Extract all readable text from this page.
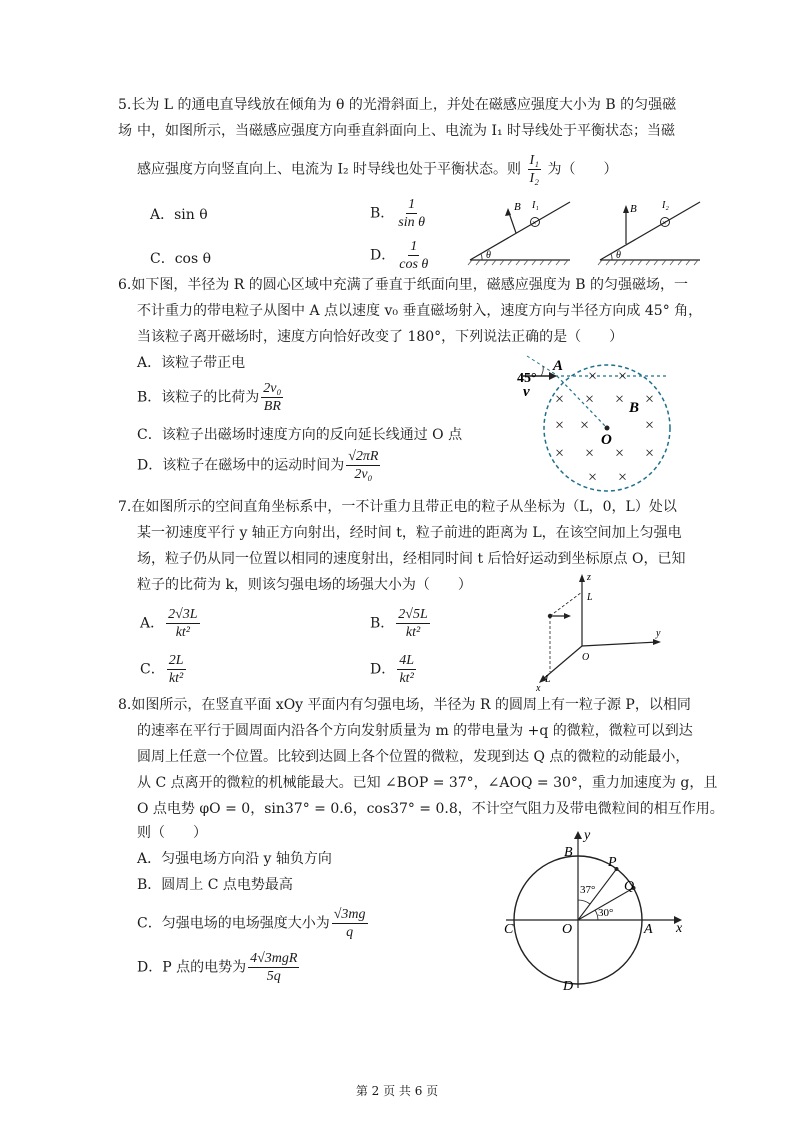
5.长为 L 的通电直导线放在倾角为 θ 的光滑斜面上，并处在磁感应强度大小为 B 的匀强磁场 中，如图所示，当磁感应强度方向垂直斜面向上、电流为 I₁ 时导线处于平衡状态；当磁
感应强度方向竖直向上、电流为 I₂ 时导线也处于平衡状态。则 $\frac{\text{I₁}}{\text{I₂}}$ 为（　　）
A．sin θ	B． $\frac{1}{\text{sin θ}}$
C．cos θ	D． $\frac{1}{\text{cos θ}}$	θ
B
×
I₁
θ
B
×
I₂
6.如下图，半径为 R 的圆心区域中充满了垂直于纸面向里，磁感应强度为 B 的匀强磁场，一
不计重力的带电粒子从图中 A 点以速度 v₀ 垂直磁场射入，速度方向与半径方向成 45° 角，
当该粒子离开磁场时，速度方向恰好改变了 180°，下列说法正确的是（　　）
A．该粒子带正电
B．该粒子的比荷为 $\frac{\text{2v₀}}{BR}$
C．该粒子出磁场时速度方向的反向延长线通过 O 点
D．该粒子在磁场中的运动时间为 $\frac{√2\pi R}{\text{2v₀}}$
45°
v
A
O
B
× ×
× × × ×
× ×	×
× × × ×
× ×
7.在如图所示的空间直角坐标系中，一不计重力且带正电的粒子从坐标为（L，0，L）处以
某一初速度平行 y 轴正方向射出，经时间 t，粒子前进的距离为 L，在该空间加上匀强电
场，粒子仍从同一位置以相同的速度射出，经相同时间 t 后恰好运动到坐标原点 O，已知
粒子的比荷为 k，则该匀强电场的场强大小为（　　）
A． $\frac{2√3L}{\text{kt²}}$	B． $\frac{2√5L}{\text{kt²}}$
C． $\frac{2L}{\text{kt²}}$	D． $\frac{4L}{\text{kt²}}$
z
y
x
O
L
L
8.如图所示，在竖直平面 xOy 平面内有匀强电场，半径为 R 的圆周上有一粒子源 P，以相同
的速率在平行于圆周面内沿各个方向发射质量为 m 的带电量为 +q 的微粒，微粒可以到达
圆周上任意一个位置。比较到达圆上各个位置的微粒，发现到达 Q 点的微粒的动能最小，
从 C 点离开的微粒的机械能最大。已知 ∠BOP = 37°，∠AOQ = 30°，重力加速度为 g，且
O 点电势 φO = 0，sin37° = 0.6，cos37° = 0.8，不计空气阻力及带电微粒间的相互作用。
则（　　）
A．匀强电场方向沿 y 轴负方向
B．圆周上 C 点电势最高
C．匀强电场的电场强度大小为 $\frac{√3mg}{q}$
D．P 点的电势为 $\frac{\text{4√3mgR}}{5q}$
x
y
37°
30°
B
P
Q
A
C	O
D
第 2 页 共 6 页
